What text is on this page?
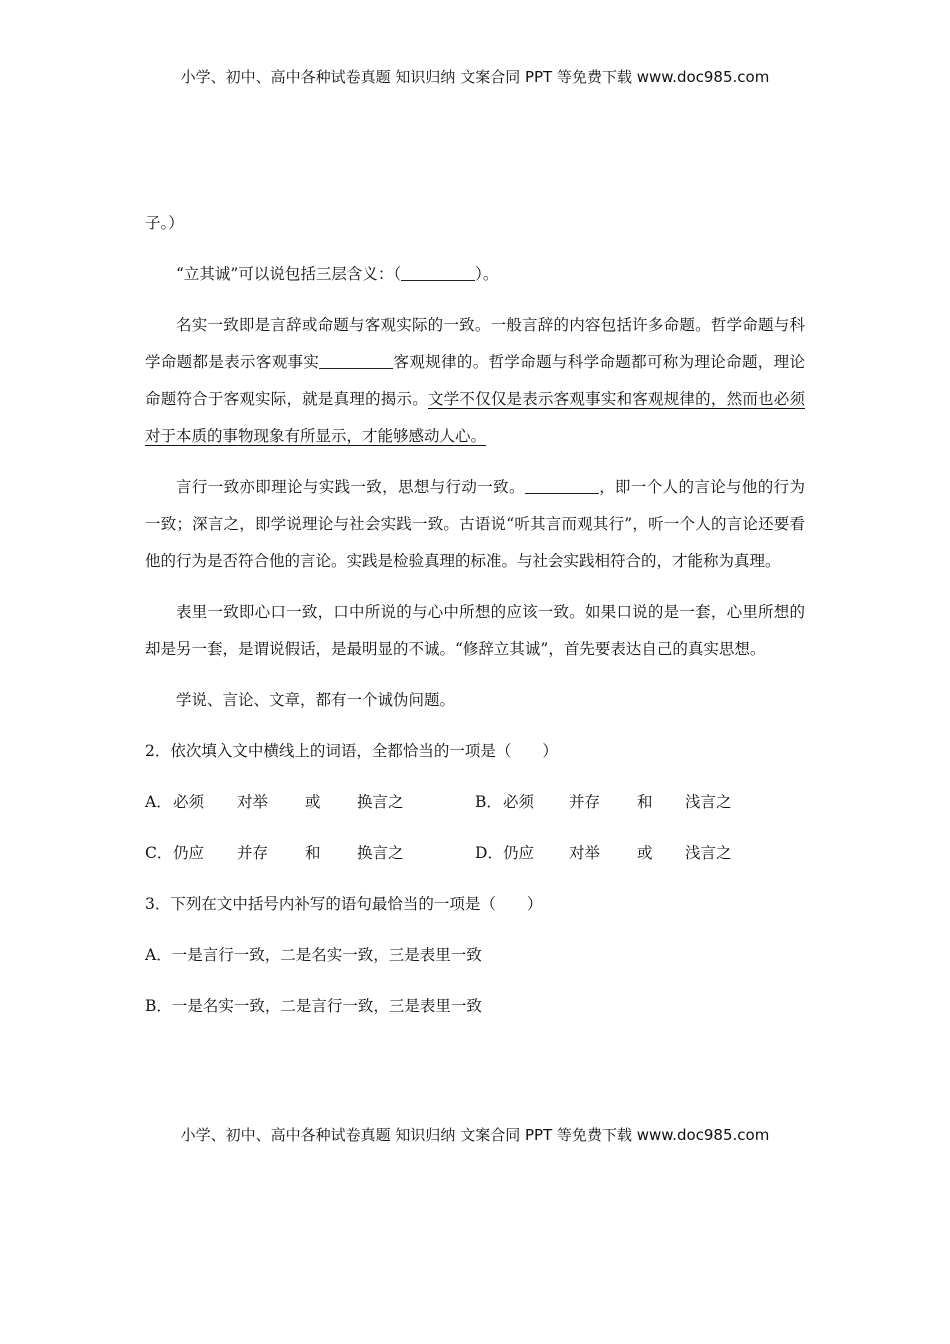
小学、初中、高中各种试卷真题 知识归纳 文案合同 PPT 等免费下载 www.doc985.com

子。）

“立其诚”可以说包括三层含义：（	）。

名实一致即是言辞或命题与客观实际的一致。一般言辞的内容包括许多命题。哲学命题与科学命题都是表示客观事实	客观规律的。哲学命题与科学命题都可称为理论命题，理论命题符合于客观实际，就是真理的揭示。文学不仅仅是表示客观事实和客观规律的，然而也必须对于本质的事物现象有所显示，才能够感动人心。

言行一致亦即理论与实践一致，思想与行动一致。	，即一个人的言论与他的行为一致；深言之，即学说理论与社会实践一致。古语说“听其言而观其行”，听一个人的言论还要看他的行为是否符合他的言论。实践是检验真理的标准。与社会实践相符合的，才能称为真理。

表里一致即心口一致，口中所说的与心中所想的应该一致。如果口说的是一套，心里所想的却是另一套，是谓说假话，是最明显的不诚。“修辞立其诚”，首先要表达自己的真实思想。

学说、言论、文章，都有一个诚伪问题。

2．依次填入文中横线上的词语，全都恰当的一项是（　　）

A． 必须	对举	或	换言之	B． 必须	并存	和	浅言之
C． 仍应	并存	和	换言之	D． 仍应	对举	或	浅言之

3．下列在文中括号内补写的语句最恰当的一项是（　　）

A．一是言行一致，二是名实一致，三是表里一致

B．一是名实一致，二是言行一致，三是表里一致

小学、初中、高中各种试卷真题 知识归纳 文案合同 PPT 等免费下载 www.doc985.com
